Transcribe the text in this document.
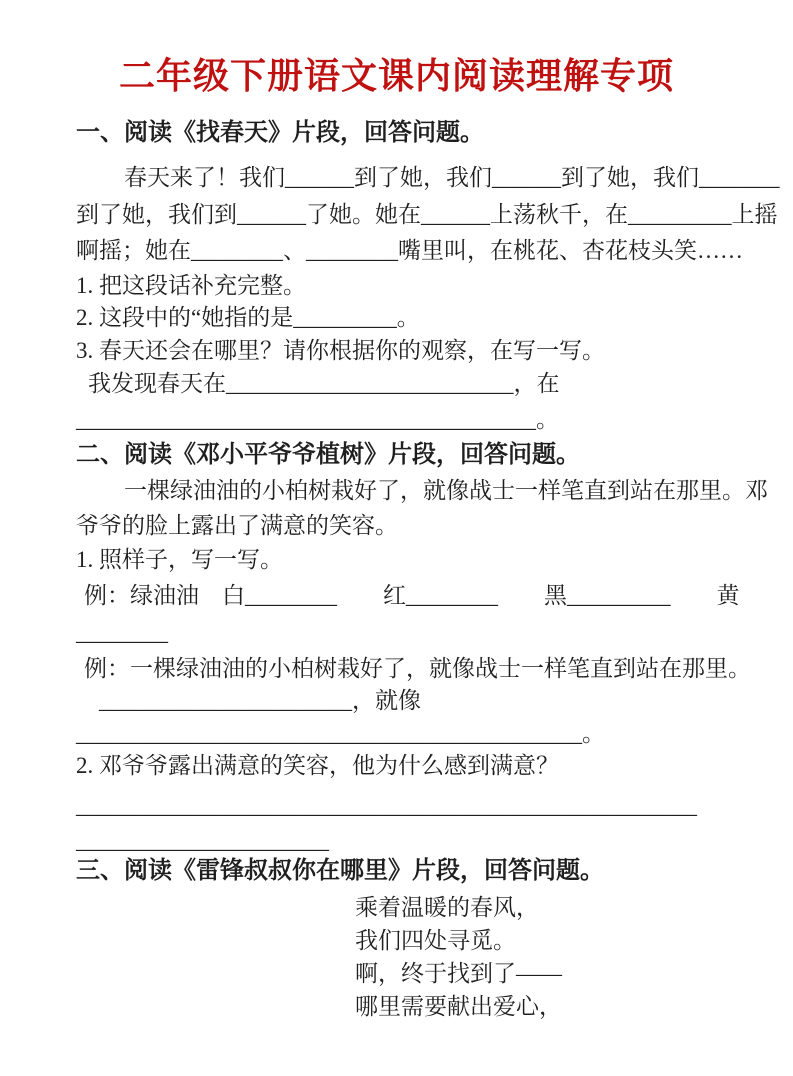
二年级下册语文课内阅读理解专项
一、阅读《找春天》片段，回答问题。
春天来了！我们______到了她，我们______到了她，我们_______
到了她，我们到______了她。她在______上荡秋千，在_________上摇
啊摇；她在________、________嘴里叫，在桃花、杏花枝头笑……
1. 把这段话补充完整。
2. 这段中的“她指的是_________。
3. 春天还会在哪里？请你根据你的观察，在写一写。
我发现春天在_________________________，在
________________________________________。
二、阅读《邓小平爷爷植树》片段，回答问题。
一棵绿油油的小柏树栽好了，就像战士一样笔直到站在那里。邓
爷爷的脸上露出了满意的笑容。
1. 照样子，写一写。
例：绿油油　白________　　红________　　黑_________　　黄
________
例：一棵绿油油的小柏树栽好了，就像战士一样笔直到站在那里。
______________________，就像
____________________________________________。
2. 邓爷爷露出满意的笑容，他为什么感到满意？
______________________________________________________
______________________
三、阅读《雷锋叔叔你在哪里》片段，回答问题。
乘着温暖的春风，
我们四处寻觅。
啊，终于找到了——
哪里需要献出爱心，
